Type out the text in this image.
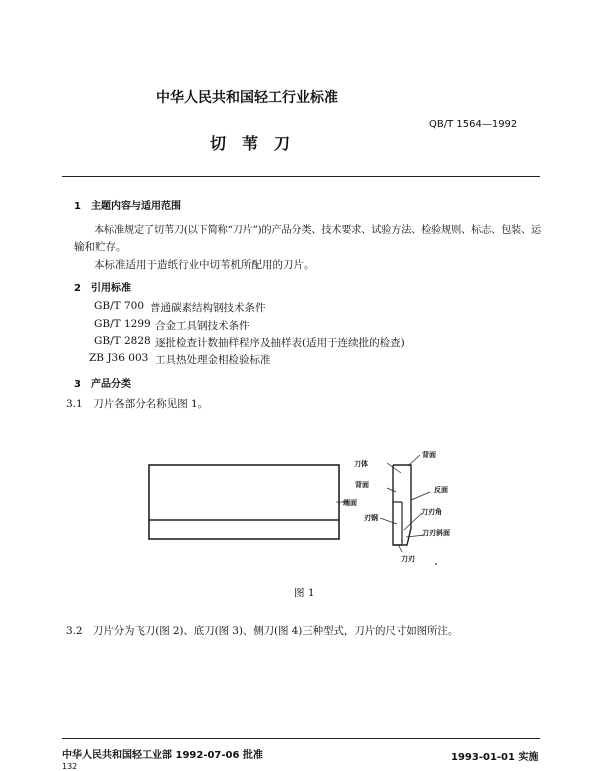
中华人民共和国轻工行业标准
QB/T 1564—1992
切　苇　刀
1　主题内容与适用范围
本标准规定了切苇刀(以下简称“刀片”)的产品分类、技术要求、试验方法、检验规则、标志、包装、运
输和贮存。
本标准适用于造纸行业中切苇机所配用的刀片。
2　引用标准
GB/T 700 普通碳素结构钢技术条件
GB/T 1299 合金工具钢技术条件
GB/T 2828 逐批检查计数抽样程序及抽样表(适用于连续批的检查)
ZB J36 003 工具热处理金相检验标准
3　产品分类
3.1　刀片各部分名称见图 1。
刀体
背面
背面
反面
端面
刀刃角
刃钢
刀刃斜面
刀刃
图 1
3.2　刀片分为飞刀(图 2)、底刀(图 3)、侧刀(图 4)三种型式，刀片的尺寸如图所注。
中华人民共和国轻工业部 1992-07-06 批准	1993-01-01 实施
132
